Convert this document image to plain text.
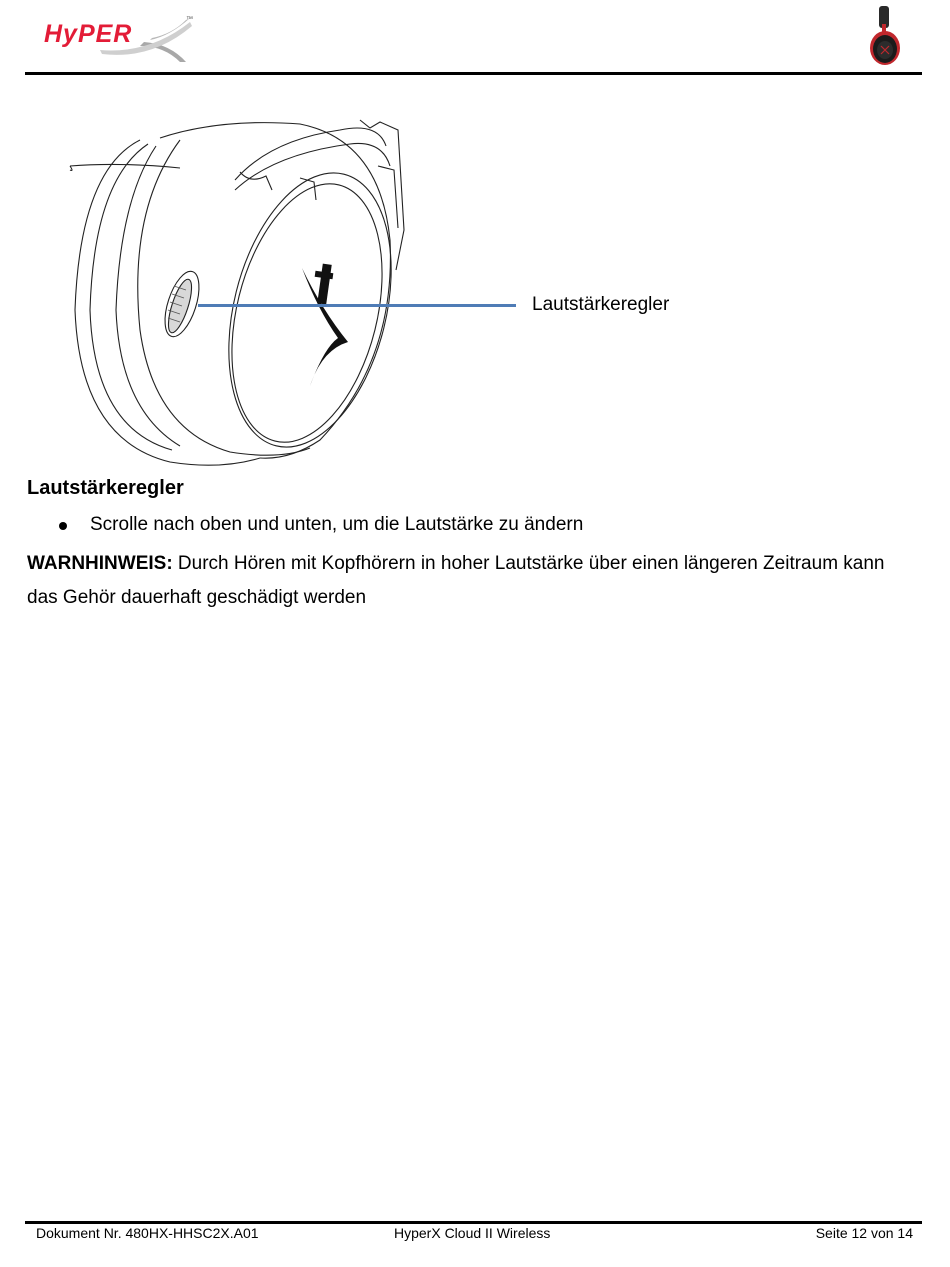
HyPER
™
Lautstärkeregler
Lautstärkeregler
Scrolle nach oben und unten, um die Lautstärke zu ändern
WARNHINWEIS: Durch Hören mit Kopfhörern in hoher Lautstärke über einen längeren Zeitraum kann das Gehör dauerhaft geschädigt werden
Dokument Nr. 480HX-HHSC2X.A01	HyperX Cloud II Wireless	Seite 12 von 14
